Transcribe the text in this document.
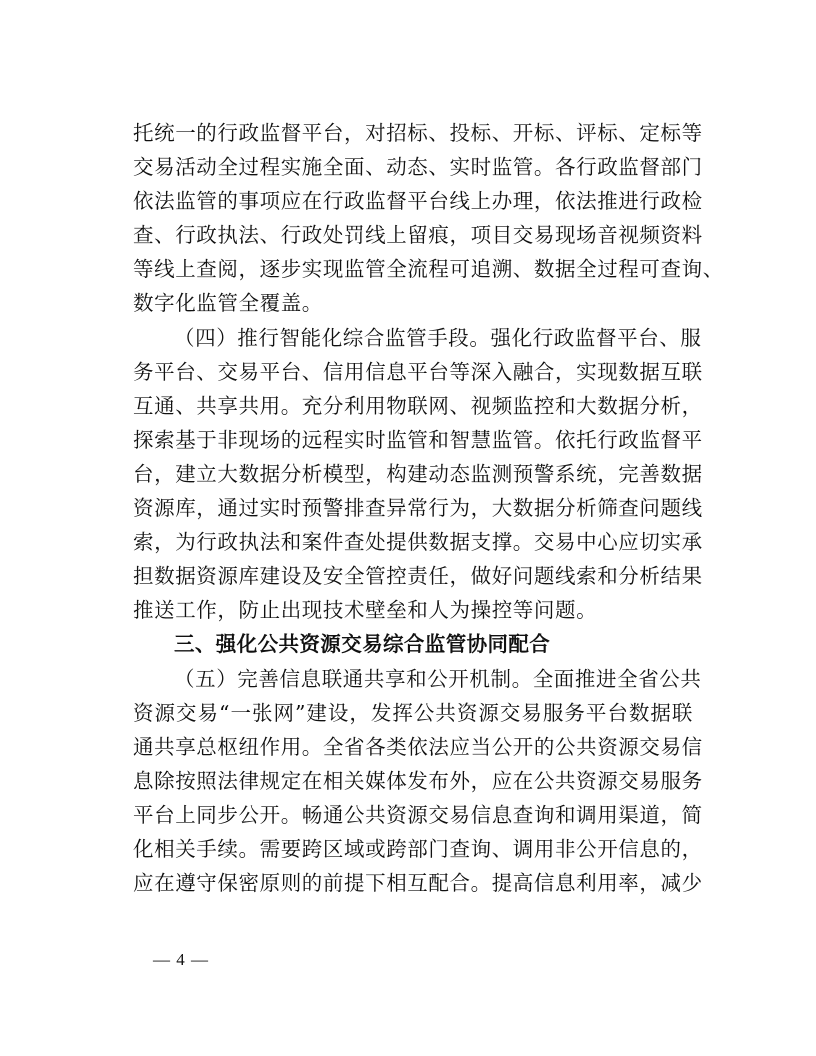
托统一的行政监督平台，对招标、投标、开标、评标、定标等
交易活动全过程实施全面、动态、实时监管。各行政监督部门
依法监管的事项应在行政监督平台线上办理，依法推进行政检
查、行政执法、行政处罚线上留痕，项目交易现场音视频资料
等线上查阅，逐步实现监管全流程可追溯、数据全过程可查询、
数字化监管全覆盖。
（四）推行智能化综合监管手段。强化行政监督平台、服
务平台、交易平台、信用信息平台等深入融合，实现数据互联
互通、共享共用。充分利用物联网、视频监控和大数据分析，
探索基于非现场的远程实时监管和智慧监管。依托行政监督平
台，建立大数据分析模型，构建动态监测预警系统，完善数据
资源库，通过实时预警排查异常行为，大数据分析筛查问题线
索，为行政执法和案件查处提供数据支撑。交易中心应切实承
担数据资源库建设及安全管控责任，做好问题线索和分析结果
推送工作，防止出现技术壁垒和人为操控等问题。
三、强化公共资源交易综合监管协同配合
（五）完善信息联通共享和公开机制。全面推进全省公共
资源交易“一张网”建设，发挥公共资源交易服务平台数据联
通共享总枢纽作用。全省各类依法应当公开的公共资源交易信
息除按照法律规定在相关媒体发布外，应在公共资源交易服务
平台上同步公开。畅通公共资源交易信息查询和调用渠道，简
化相关手续。需要跨区域或跨部门查询、调用非公开信息的，
应在遵守保密原则的前提下相互配合。提高信息利用率，减少
— 4 —
